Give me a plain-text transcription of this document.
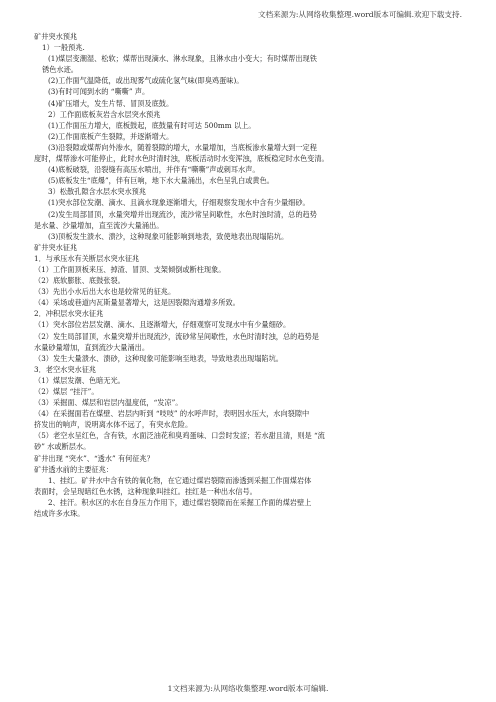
文档来源为:从网络收集整理.word版本可编辑.欢迎下载支持.
矿井突水预兆
1）一般预兆.
(1)煤层变潮湿、松软；煤帮出现滴水、淋水现象，且淋水由小变大；有时煤帮出现铁
锈色水迹。
(2)工作面气温降低，或出现雾气或硫化氢气味(即臭鸡蛋味)。
(3)有时可闻到水的 “嘶嘶” 声。
(4)矿压增大，发生片帮、冒顶及底鼓。
2）工作面底板灰岩含水层突水预兆
(1)工作面压力增大，底板鼓起，底鼓量有时可达 500mm 以上。
(2)工作面底板产生裂隙，并逐渐增大。
(3)沿裂隙或煤帮向外渗水，随着裂隙的增大，水量增加，当底板渗水量增大到一定程
度时，煤帮渗水可能停止，此时水色时清时浊，底板活动时水变浑浊，底板稳定时水色变清。
(4)底板破裂，沿裂缝有高压水喷出，并伴有“嘶嘶”声或刺耳水声。
(5)底板发生“底爆”，伴有巨响，地下水大量涌出，水色呈乳白或黄色。
3）松散孔隙含水层水突水预兆
(1)突水部位发潮、滴水、且滴水现象逐渐增大，仔细观察发现水中含有少量细砂。
(2)发生局部冒顶，水量突增并出现流沙，流沙常呈间歇性，水色时浊时清，总的趋势
是水量、沙量增加，直至流沙大量涌出。
(3)顶板发生溃水、溃沙，这种现象可能影响到地表，致使地表出现塌陷坑。
矿井突水征兆
1．与承压水有关断层水突水征兆
（1）工作面顶板来压、掉渣、冒顶、支架倾倒或断柱现象。
（2）底软膨胀、底鼓张裂。
（3）先出小水后出大水也是较常见的征兆。
（4）采场或巷道内瓦斯量显著增大，这是因裂隙沟通增多所致。
2．冲积层水突水征兆
（1）突水部位岩层发潮、滴水、且逐渐增大，仔细观察可发现水中有少量细砂。
（2）发生局部冒顶，水量突增并出现流沙，流砂常呈间歇性，水色时清时浊，总的趋势是
水量砂量增加，直到流沙大量涌出。
（3）发生大量溃水、溃砂，这种现象可能影响至地表，导致地表出现塌陷坑。
3．老空水突水征兆
（1）煤层发潮、色暗无光。
（2）煤层 “挂汗”。
（3）采掘面、煤层和岩层内温度低，“发凉”。
（4）在采掘面若在煤壁、岩层内听到 “吱吱” 的水呼声时，表明因水压大，水向裂隙中
挤发出的响声，说明离水体不远了，有突水危险。
（5）老空水呈红色，含有铁，水面泛油花和臭鸡蛋味、口尝时发涩；若水甜且清，则是 “流
砂” 水或断层水。
矿井出现 “突水”、“透水” 有何征兆？
矿井透水前的主要征兆：
1、挂红。矿井水中含有铁的氧化物，在它通过煤岩裂隙而渗透到采掘工作面煤岩体
表面时，会呈现暗红色水锈，这种现象叫挂红。挂红是一种出水信号。
2、挂汗。积水区的水在自身压力作用下，通过煤岩裂隙而在采掘工作面的煤岩壁上
结成许多水珠。
1文档来源为:从网络收集整理.word版本可编辑.
